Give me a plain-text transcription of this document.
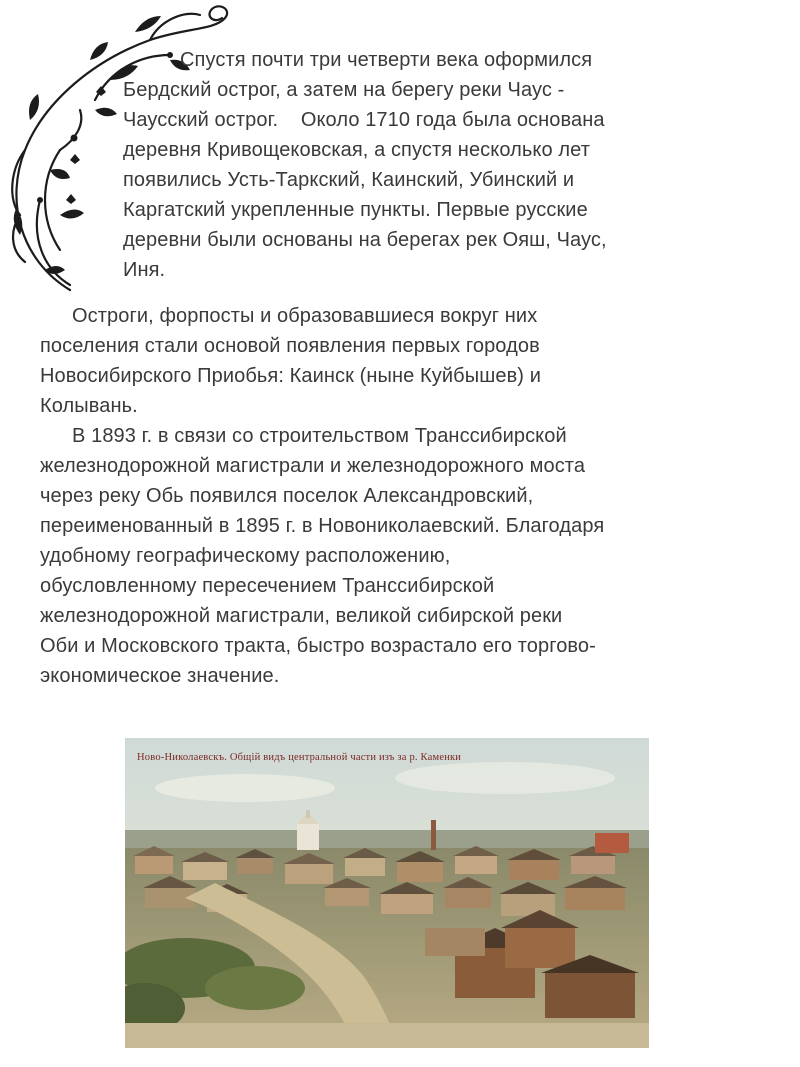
Спустя почти три четверти века оформился
Бердский острог, а затем на берегу реки Чаус -
Чаусский острог.    Около 1710 года была основана
деревня Кривощековская, а спустя несколько лет
появились Усть-Таркский, Каинский, Убинский и
Каргатский укрепленные пункты. Первые русские
деревни были основаны на берегах рек Ояш, Чаус,
Иня.
Остроги, форпосты и образовавшиеся вокруг них
поселения стали основой появления первых городов
Новосибирского Приобья: Каинск (ныне Куйбышев) и
Колывань.
В 1893 г. в связи со строительством Транссибирской
железнодорожной магистрали и железнодорожного моста
через реку Обь появился поселок Александровский,
переименованный в 1895 г. в Новониколаевский. Благодаря
удобному географическому расположению,
обусловленному пересечением Транссибирской
железнодорожной магистрали, великой сибирской реки
Оби и Московского тракта, быстро возрастало его торгово-
экономическое значение.
Ново-Николаевскъ. Общiй видъ центральной части изъ за р. Каменки
